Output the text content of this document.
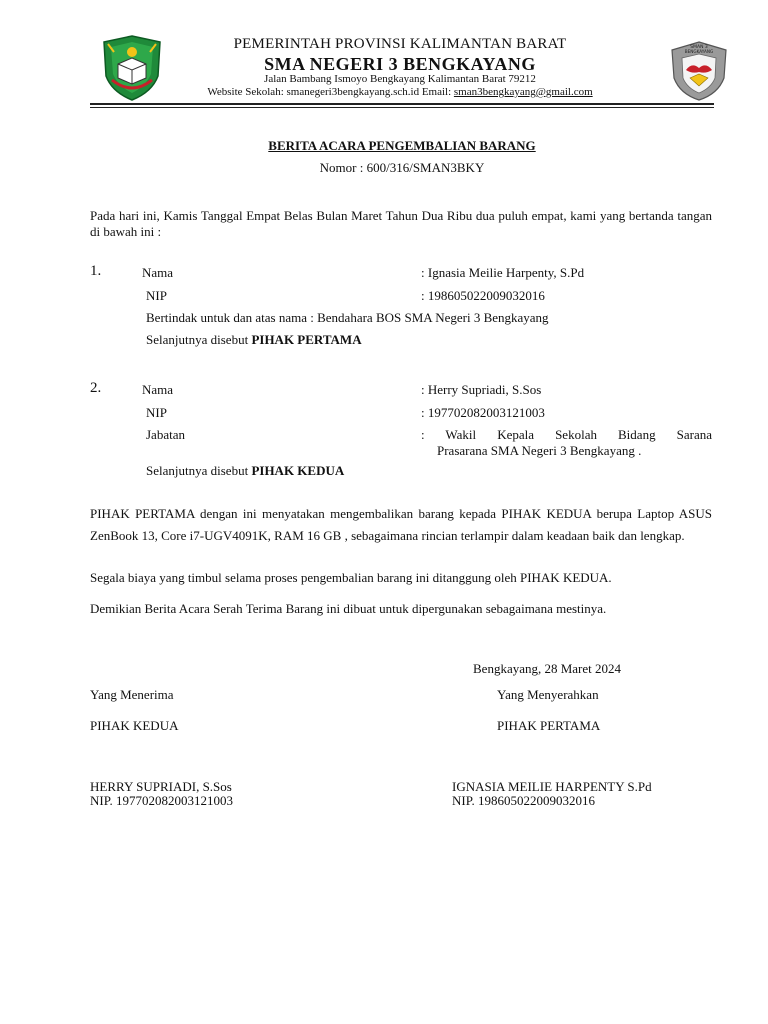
SMAN 3
BENGKAYANG
PEMERINTAH PROVINSI KALIMANTAN BARAT
SMA NEGERI 3 BENGKAYANG
Jalan Bambang Ismoyo Bengkayang Kalimantan Barat 79212
Website Sekolah: smanegeri3bengkayang.sch.id Email: sman3bengkayang@gmail.com
BERITA ACARA PENGEMBALIAN BARANG
Nomor : 600/316/SMAN3BKY
Pada hari ini, Kamis Tanggal Empat Belas Bulan Maret Tahun Dua Ribu dua puluh empat, kami yang bertanda tangan di bawah ini :
1.	Nama	: Ignasia Meilie Harpenty, S.Pd
NIP	: 198605022009032016
Bertindak untuk dan atas nama : Bendahara BOS SMA Negeri 3 Bengkayang
Selanjutnya disebut PIHAK PERTAMA
2.	Nama	: Herry Supriadi, S.Sos
NIP	: 197702082003121003
Jabatan	: Wakil Kepala Sekolah Bidang Sarana
Prasarana SMA Negeri 3 Bengkayang .
Selanjutnya disebut PIHAK KEDUA
PIHAK PERTAMA dengan ini menyatakan mengembalikan barang kepada PIHAK KEDUA berupa Laptop ASUS ZenBook 13, Core i7-UGV4091K, RAM 16 GB , sebagaimana rincian terlampir dalam keadaan baik dan lengkap.
Segala biaya yang timbul selama proses pengembalian barang ini ditanggung oleh PIHAK KEDUA.
Demikian Berita Acara Serah Terima Barang ini dibuat untuk dipergunakan sebagaimana mestinya.
Bengkayang, 28 Maret 2024
Yang Menerima	Yang Menyerahkan
PIHAK KEDUA	PIHAK PERTAMA
HERRY SUPRIADI, S.Sos
NIP. 197702082003121003
IGNASIA MEILIE HARPENTY S.Pd
NIP. 198605022009032016
